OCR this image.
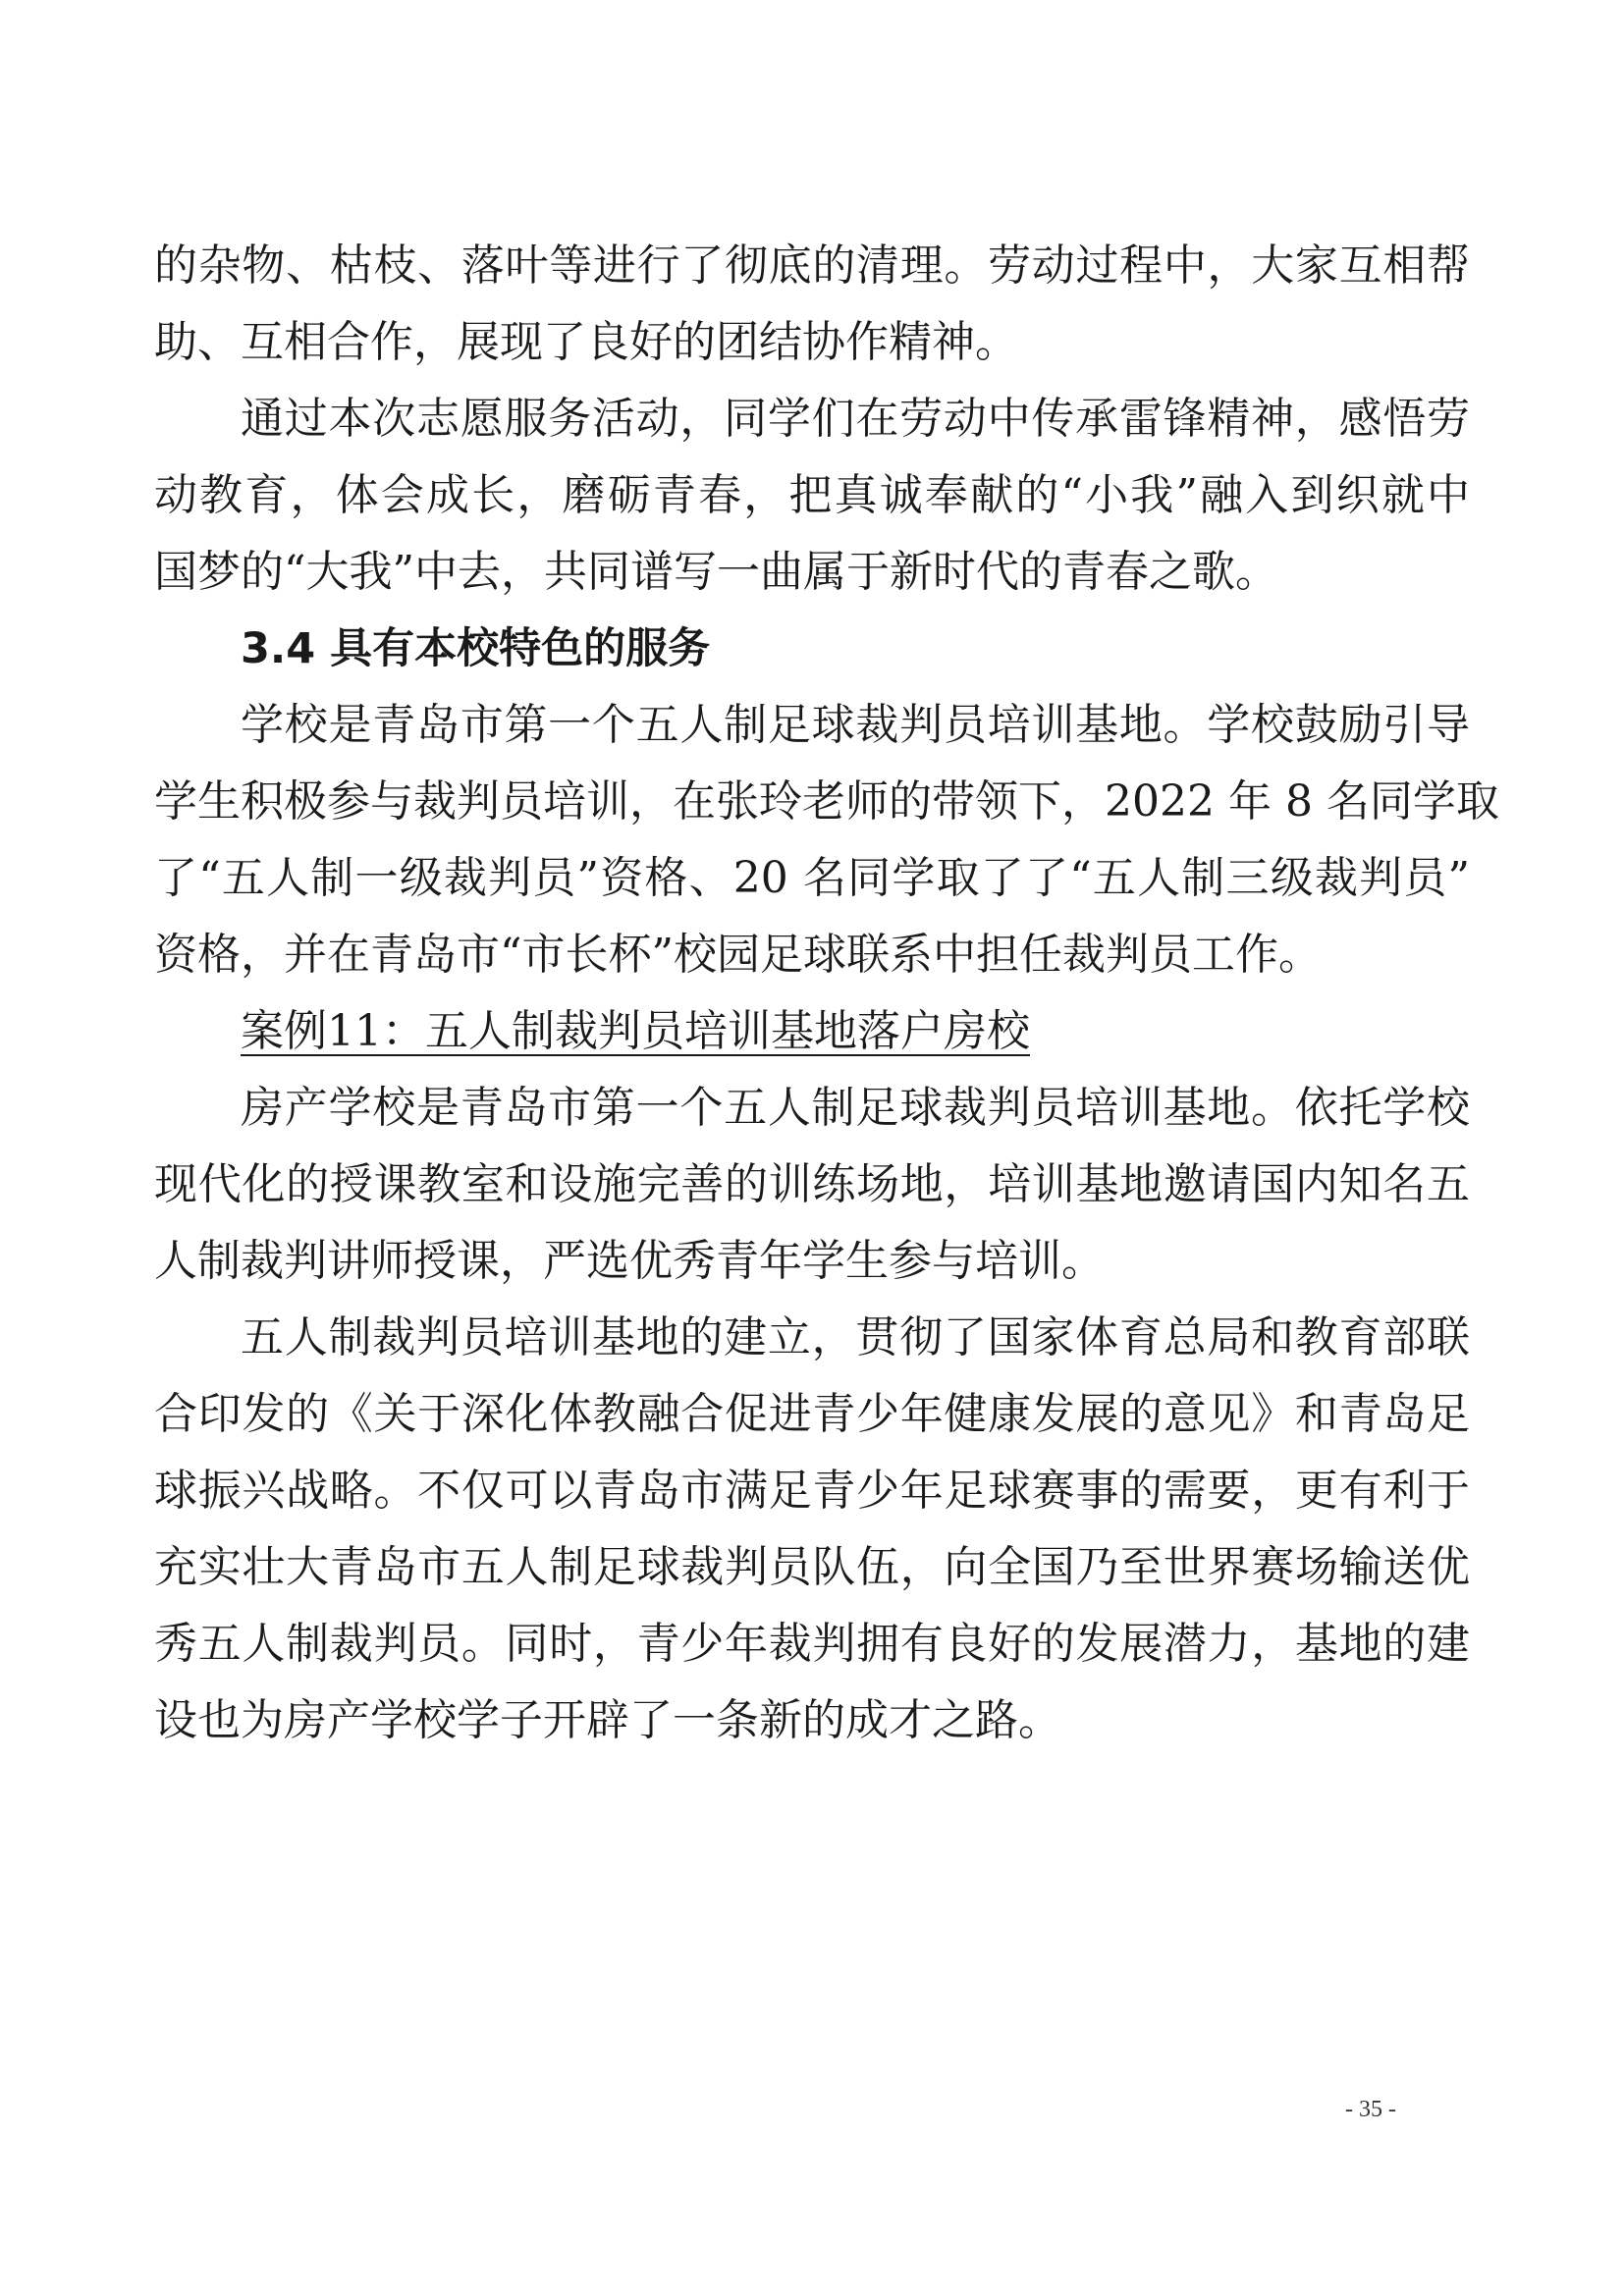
的杂物、枯枝、落叶等进行了彻底的清理。劳动过程中，大家互相帮
助、互相合作，展现了良好的团结协作精神。
通过本次志愿服务活动，同学们在劳动中传承雷锋精神，感悟劳
动教育，体会成长，磨砺青春，把真诚奉献的“小我”融入到织就中
国梦的“大我”中去，共同谱写一曲属于新时代的青春之歌。
3.4 具有本校特色的服务
学校是青岛市第一个五人制足球裁判员培训基地。学校鼓励引导
学生积极参与裁判员培训，在张玲老师的带领下，2022 年 8 名同学取
了“五人制一级裁判员”资格、20 名同学取了了“五人制三级裁判员”
资格，并在青岛市“市长杯”校园足球联系中担任裁判员工作。
案例11：五人制裁判员培训基地落户房校
房产学校是青岛市第一个五人制足球裁判员培训基地。依托学校
现代化的授课教室和设施完善的训练场地，培训基地邀请国内知名五
人制裁判讲师授课，严选优秀青年学生参与培训。
五人制裁判员培训基地的建立，贯彻了国家体育总局和教育部联
合印发的《关于深化体教融合促进青少年健康发展的意见》和青岛足
球振兴战略。不仅可以青岛市满足青少年足球赛事的需要，更有利于
充实壮大青岛市五人制足球裁判员队伍，向全国乃至世界赛场输送优
秀五人制裁判员。同时，青少年裁判拥有良好的发展潜力，基地的建
设也为房产学校学子开辟了一条新的成才之路。
- 35 -
